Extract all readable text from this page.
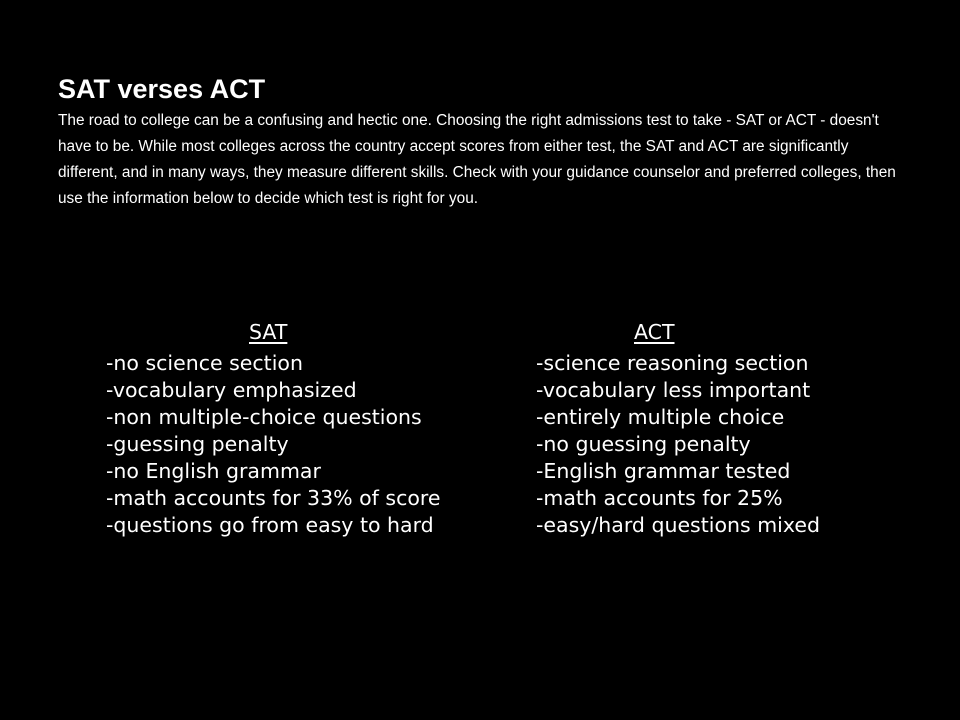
SAT verses ACT
The road to college can be a confusing and hectic one. Choosing the right admissions test to take - SAT or ACT - doesn't have to be. While most colleges across the country accept scores from either test, the SAT and ACT are significantly different, and in many ways, they measure different skills. Check with your guidance counselor and preferred colleges, then use the information below to decide which test is right for you.
SAT	ACT
-no science section
-vocabulary emphasized
-non multiple-choice questions
-guessing penalty
-no English grammar
-math accounts for 33% of score
-questions go from easy to hard
-science reasoning section
-vocabulary less important
-entirely multiple choice
-no guessing penalty
-English grammar tested
-math accounts for 25%
-easy/hard questions mixed
